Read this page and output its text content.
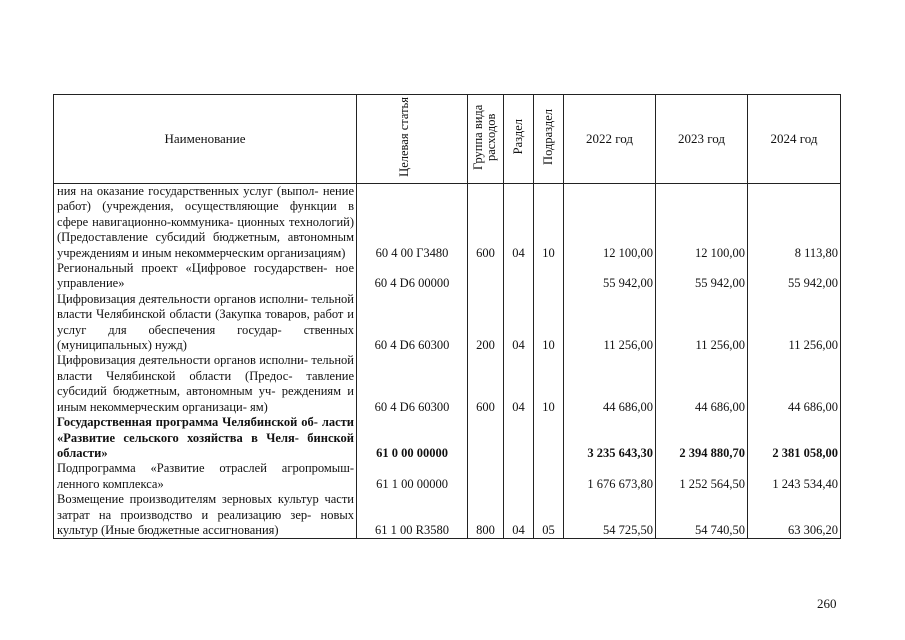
Наименование	Целевая статья	Группа вида расходов	Раздел	Подраздел	2022 год	2023 год	2024 год
ния на оказание государственных услуг (выпол- нение работ) (учреждения, осуществляющие функции в сфере навигационно-коммуника- ционных технологий) (Предоставление субсидий бюджетным, автономным учреждениям и иным некоммерческим организациям)	60 4 00 Г3480	600	04	10	12 100,00	12 100,00	8 113,80
Региональный проект «Цифровое государствен- ное управление»	60 4 D6 00000				55 942,00	55 942,00	55 942,00
Цифровизация деятельности органов исполни- тельной власти Челябинской области (Закупка товаров, работ и услуг для обеспечения государ- ственных (муниципальных) нужд)	60 4 D6 60300	200	04	10	11 256,00	11 256,00	11 256,00
Цифровизация деятельности органов исполни- тельной власти Челябинской области (Предос- тавление субсидий бюджетным, автономным уч- реждениям и иным некоммерческим организаци- ям)	60 4 D6 60300	600	04	10	44 686,00	44 686,00	44 686,00
Государственная программа Челябинской об- ласти «Развитие сельского хозяйства в Челя- бинской области»	61 0 00 00000				3 235 643,30	2 394 880,70	2 381 058,00
Подпрограмма «Развитие отраслей агропромыш- ленного комплекса»	61 1 00 00000				1 676 673,80	1 252 564,50	1 243 534,40
Возмещение производителям зерновых культур части затрат на производство и реализацию зер- новых культур (Иные бюджетные ассигнования)	61 1 00 R3580	800	04	05	54 725,50	54 740,50	63 306,20
260
